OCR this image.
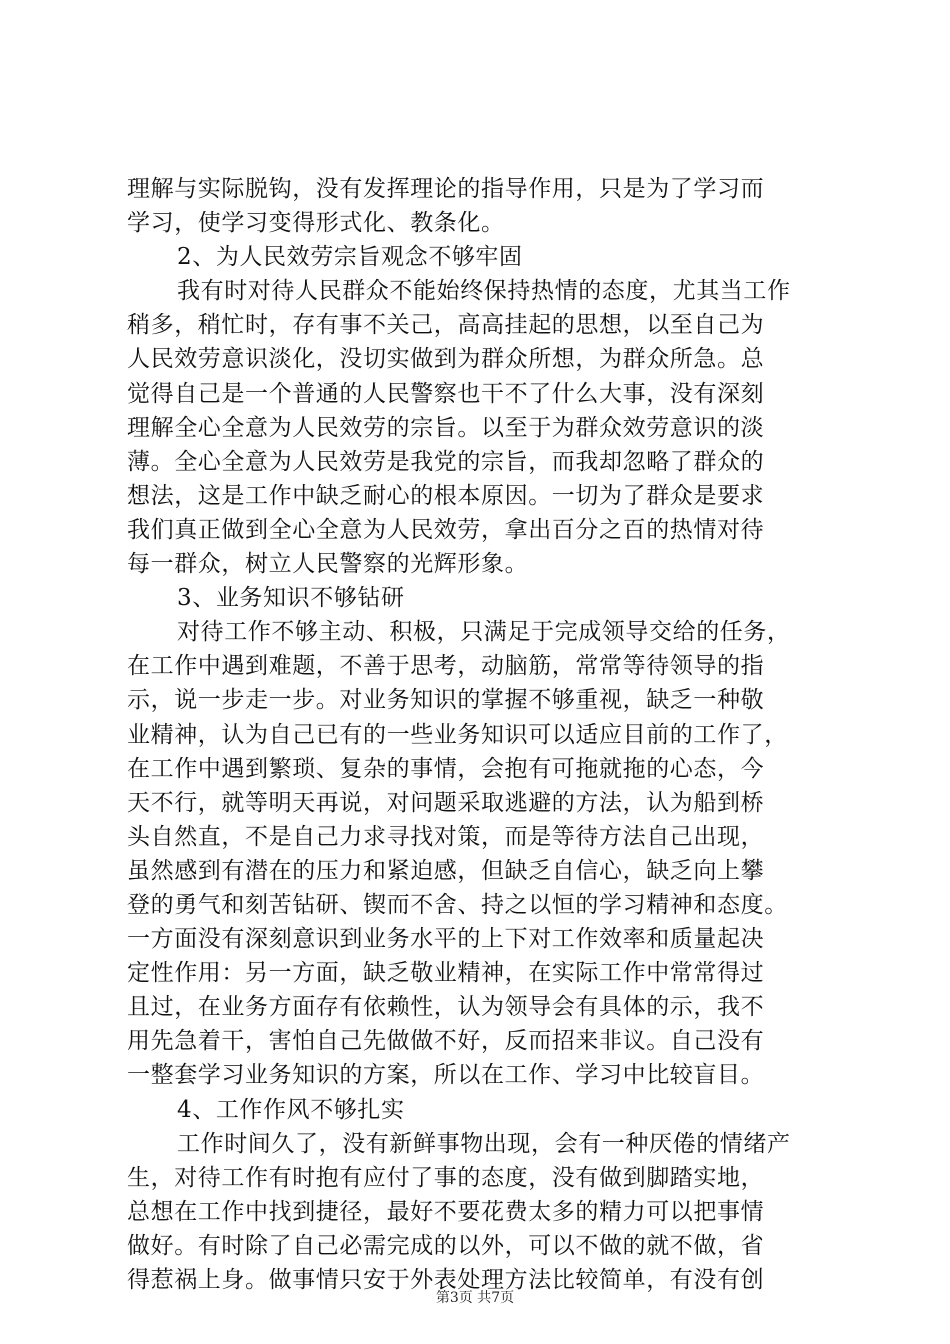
理解与实际脱钩，没有发挥理论的指导作用，只是为了学习而
学习，使学习变得形式化、教条化。
2、为人民效劳宗旨观念不够牢固
我有时对待人民群众不能始终保持热情的态度，尤其当工作
稍多，稍忙时，存有事不关己，高高挂起的思想，以至自己为
人民效劳意识淡化，没切实做到为群众所想，为群众所急。总
觉得自己是一个普通的人民警察也干不了什么大事，没有深刻
理解全心全意为人民效劳的宗旨。以至于为群众效劳意识的淡
薄。全心全意为人民效劳是我党的宗旨，而我却忽略了群众的
想法，这是工作中缺乏耐心的根本原因。一切为了群众是要求
我们真正做到全心全意为人民效劳，拿出百分之百的热情对待
每一群众，树立人民警察的光辉形象。
3、业务知识不够钻研
对待工作不够主动、积极，只满足于完成领导交给的任务，
在工作中遇到难题，不善于思考，动脑筋，常常等待领导的指
示，说一步走一步。对业务知识的掌握不够重视，缺乏一种敬
业精神，认为自己已有的一些业务知识可以适应目前的工作了，
在工作中遇到繁琐、复杂的事情，会抱有可拖就拖的心态，今
天不行，就等明天再说，对问题采取逃避的方法，认为船到桥
头自然直，不是自己力求寻找对策，而是等待方法自己出现，
虽然感到有潜在的压力和紧迫感，但缺乏自信心，缺乏向上攀
登的勇气和刻苦钻研、锲而不舍、持之以恒的学习精神和态度。
一方面没有深刻意识到业务水平的上下对工作效率和质量起决
定性作用：另一方面，缺乏敬业精神，在实际工作中常常得过
且过，在业务方面存有依赖性，认为领导会有具体的示，我不
用先急着干，害怕自己先做做不好，反而招来非议。自己没有
一整套学习业务知识的方案，所以在工作、学习中比较盲目。
4、工作作风不够扎实
工作时间久了，没有新鲜事物出现，会有一种厌倦的情绪产
生，对待工作有时抱有应付了事的态度，没有做到脚踏实地，
总想在工作中找到捷径，最好不要花费太多的精力可以把事情
做好。有时除了自己必需完成的以外，可以不做的就不做，省
得惹祸上身。做事情只安于外表处理方法比较简单，有没有创
第3页 共7页
